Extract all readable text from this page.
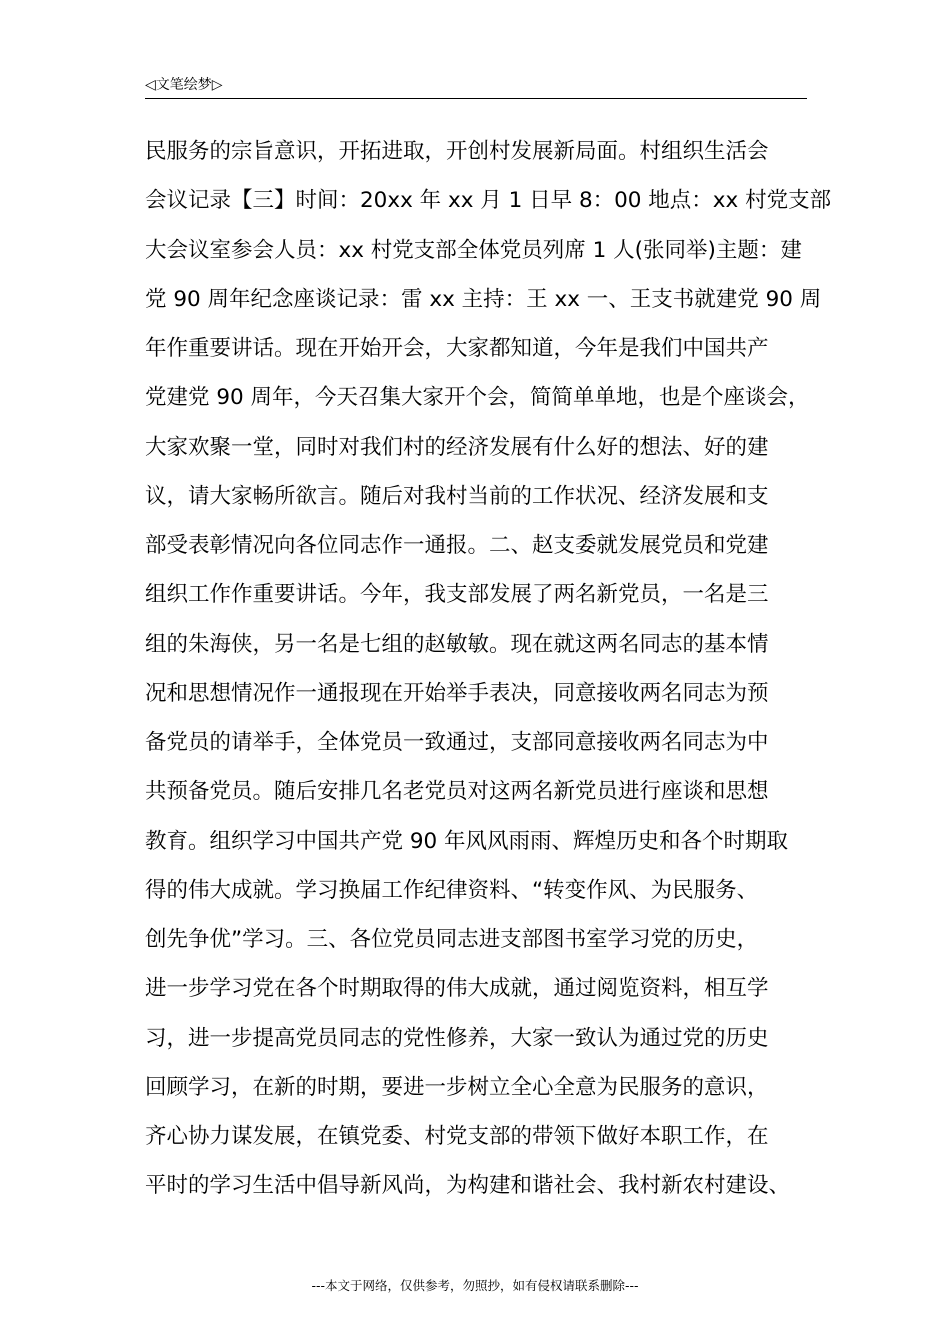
◁文笔绘梦▷
民服务的宗旨意识，开拓进取，开创村发展新局面。村组织生活会
会议记录【三】时间：20xx 年 xx 月 1 日早 8：00 地点：xx 村党支部
大会议室参会人员：xx 村党支部全体党员列席 1 人(张同举)主题：建
党 90 周年纪念座谈记录：雷 xx 主持：王 xx 一、王支书就建党 90 周
年作重要讲话。现在开始开会，大家都知道，今年是我们中国共产
党建党 90 周年，今天召集大家开个会，简简单单地，也是个座谈会，
大家欢聚一堂，同时对我们村的经济发展有什么好的想法、好的建
议，请大家畅所欲言。随后对我村当前的工作状况、经济发展和支
部受表彰情况向各位同志作一通报。二、赵支委就发展党员和党建
组织工作作重要讲话。今年，我支部发展了两名新党员，一名是三
组的朱海侠，另一名是七组的赵敏敏。现在就这两名同志的基本情
况和思想情况作一通报现在开始举手表决，同意接收两名同志为预
备党员的请举手，全体党员一致通过，支部同意接收两名同志为中
共预备党员。随后安排几名老党员对这两名新党员进行座谈和思想
教育。组织学习中国共产党 90 年风风雨雨、辉煌历史和各个时期取
得的伟大成就。学习换届工作纪律资料、“转变作风、为民服务、
创先争优”学习。三、各位党员同志进支部图书室学习党的历史，
进一步学习党在各个时期取得的伟大成就，通过阅览资料，相互学
习，进一步提高党员同志的党性修养，大家一致认为通过党的历史
回顾学习，在新的时期，要进一步树立全心全意为民服务的意识，
齐心协力谋发展，在镇党委、村党支部的带领下做好本职工作，在
平时的学习生活中倡导新风尚，为构建和谐社会、我村新农村建设、
---本文于网络，仅供参考，勿照抄，如有侵权请联系删除---
